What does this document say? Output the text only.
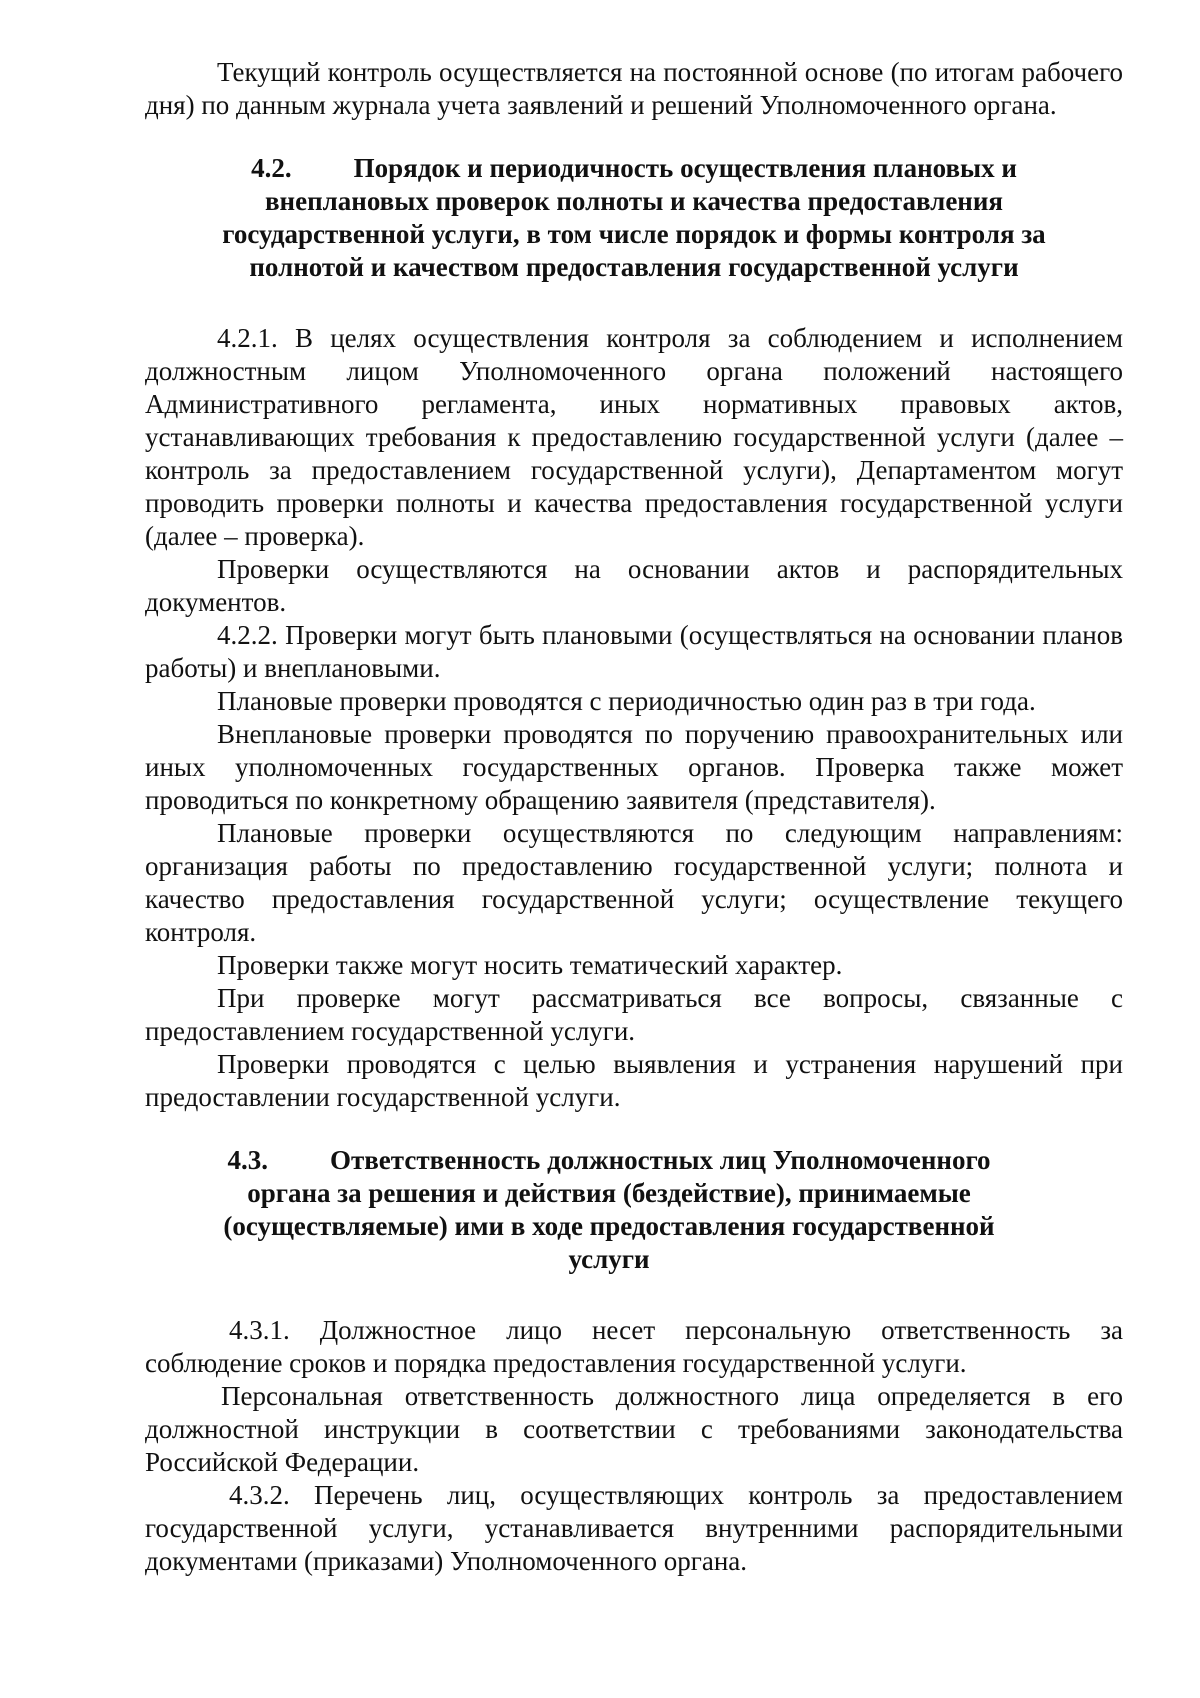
Текущий контроль осуществляется на постоянной основе (по итогам рабочего дня) по данным журнала учета заявлений и решений Уполномоченного органа.

4.2. Порядок и периодичность осуществления плановых и внеплановых проверок полноты и качества предоставления государственной услуги, в том числе порядок и формы контроля за полнотой и качеством предоставления государственной услуги

4.2.1. В целях осуществления контроля за соблюдением и исполнением должностным лицом Уполномоченного органа положений настоящего Административного регламента, иных нормативных правовых актов, устанавливающих требования к предоставлению государственной услуги (далее – контроль за предоставлением государственной услуги), Департаментом могут проводить проверки полноты и качества предоставления государственной услуги (далее – проверка).

Проверки осуществляются на основании актов и распорядительных документов.

4.2.2. Проверки могут быть плановыми (осуществляться на основании планов работы) и внеплановыми.

Плановые проверки проводятся с периодичностью один раз в три года.

Внеплановые проверки проводятся по поручению правоохранительных или иных уполномоченных государственных органов. Проверка также может проводиться по конкретному обращению заявителя (представителя).

Плановые проверки осуществляются по следующим направлениям: организация работы по предоставлению государственной услуги; полнота и качество предоставления государственной услуги; осуществление текущего контроля.

Проверки также могут носить тематический характер.

При проверке могут рассматриваться все вопросы, связанные с предоставлением государственной услуги.

Проверки проводятся с целью выявления и устранения нарушений при предоставлении государственной услуги.

4.3. Ответственность должностных лиц Уполномоченного органа за решения и действия (бездействие), принимаемые (осуществляемые) ими в ходе предоставления государственной услуги

4.3.1. Должностное лицо несет персональную ответственность за соблюдение сроков и порядка предоставления государственной услуги.

Персональная ответственность должностного лица определяется в его должностной инструкции в соответствии с требованиями законодательства Российской Федерации.

4.3.2. Перечень лиц, осуществляющих контроль за предоставлением государственной услуги, устанавливается внутренними распорядительными документами (приказами) Уполномоченного органа.
